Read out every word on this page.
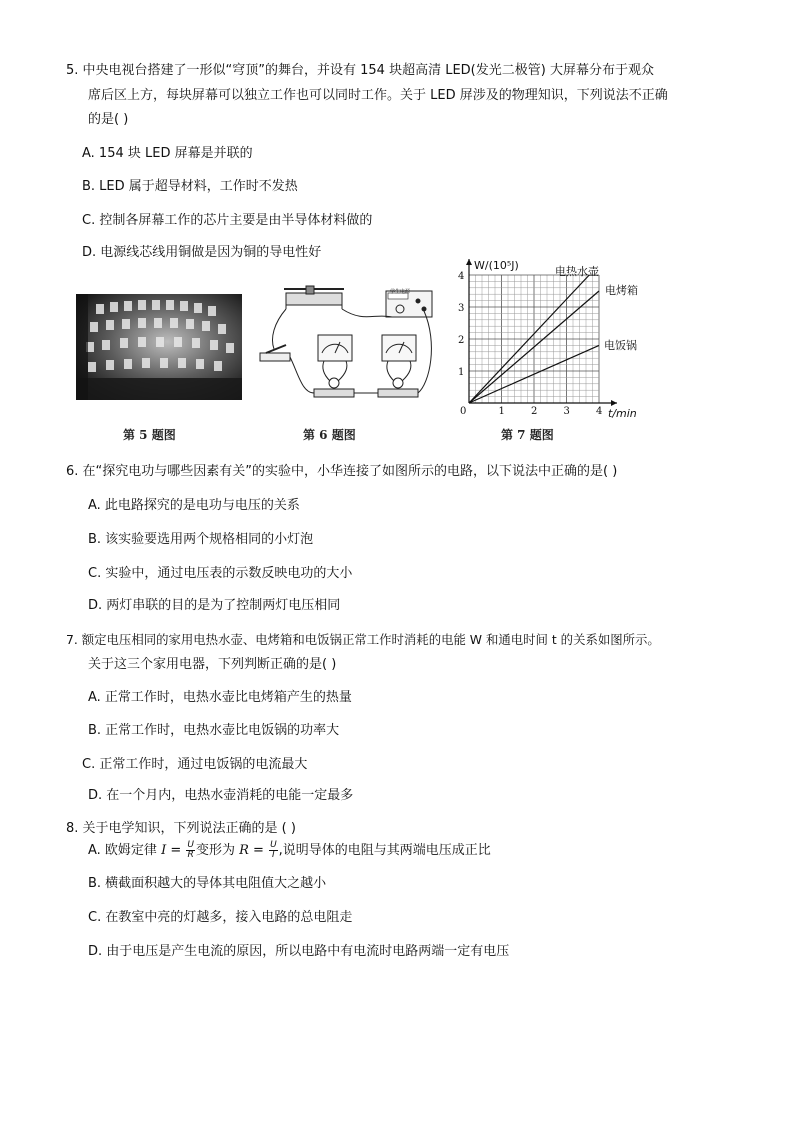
5. 中央电视台搭建了一形似“穹顶”的舞台，并设有 154 块超高清 LED(发光二极管) 大屏幕分布于观众
席后区上方，每块屏幕可以独立工作也可以同时工作。关于 LED 屏涉及的物理知识，下列说法不正确
的是( )
A. 154 块 LED 屏幕是并联的
B. LED 属于超导材料，工作时不发热
C. 控制各屏幕工作的芯片主要是由半导体材料做的
D. 电源线芯线用铜做是因为铜的导电性好
第 5 题图
学生电源
第 6 题图
0	1	2	3	4
1
2
3
4
W/(10⁵J)
t/min
电热水壶
电烤箱
电饭锅
第 7 题图
6. 在“探究电功与哪些因素有关”的实验中，小华连接了如图所示的电路，以下说法中正确的是( )
A. 此电路探究的是电功与电压的关系
B. 该实验要选用两个规格相同的小灯泡
C. 实验中，通过电压表的示数反映电功的大小
D. 两灯串联的目的是为了控制两灯电压相同
7. 额定电压相同的家用电热水壶、电烤箱和电饭锅正常工作时消耗的电能 W 和通电时间 t 的关系如图所示。
关于这三个家用电器，下列判断正确的是( )
A. 正常工作时，电热水壶比电烤箱产生的热量
B. 正常工作时，电热水壶比电饭锅的功率大
C. 正常工作时，通过电饭锅的电流最大
D. 在一个月内，电热水壶消耗的电能一定最多
8. 关于电学知识，下列说法正确的是 ( )
A. 欧姆定律 $I = \frac{U}{R}$ 变形为 $R = \frac{U}{I}$ ,说明导体的电阻与其两端电压成正比
B. 横截面积越大的导体其电阻值大之越小
C. 在教室中亮的灯越多，接入电路的总电阻走
D. 由于电压是产生电流的原因，所以电路中有电流时电路两端一定有电压
